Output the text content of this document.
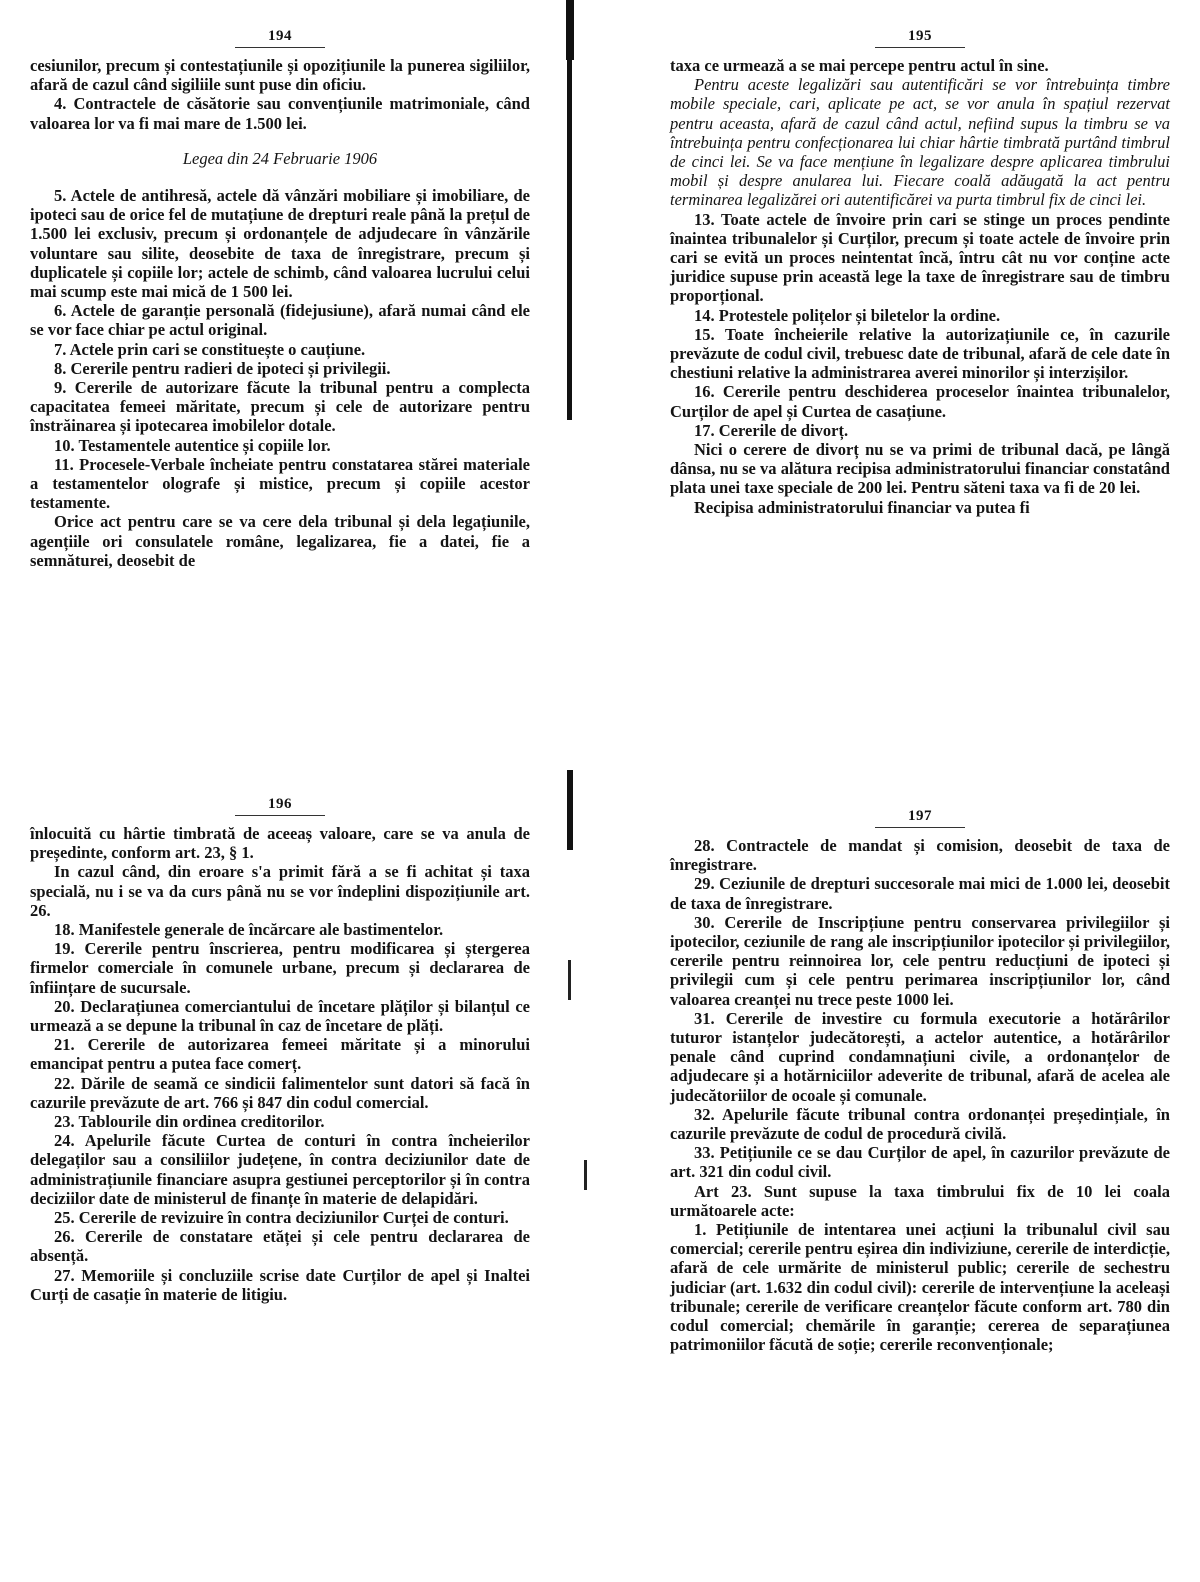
194

cesiunilor, precum și contestațiunile și opozițiunile la punerea sigiliilor, afară de cazul când sigiliile sunt puse din oficiu.

4. Contractele de căsătorie sau convențiunile matrimoniale, când valoarea lor va fi mai mare de 1.500 lei.

Legea din 24 Februarie 1906

5. Actele de antihresă, actele dă vânzări mobiliare și imobiliare, de ipoteci sau de orice fel de mutațiune de drepturi reale până la prețul de 1.500 lei exclusiv, precum și ordonanțele de adjudecare în vânzările voluntare sau silite, deosebite de taxa de înregistrare, precum și duplicatele și copiile lor; actele de schimb, când valoarea lucrului celui mai scump este mai mică de 1 500 lei.

6. Actele de garanție personală (fidejusiune), afară numai când ele se vor face chiar pe actul original.

7. Actele prin cari se constituește o cauțiune.

8. Cererile pentru radieri de ipoteci și privilegii.

9. Cererile de autorizare făcute la tribunal pentru a complecta capacitatea femeei măritate, precum și cele de autorizare pentru înstrăinarea și ipotecarea imobilelor dotale.

10. Testamentele autentice și copiile lor.

11. Procesele-Verbale încheiate pentru constatarea stărei materiale a testamentelor olografe și mistice, precum și copiile acestor testamente.

Orice act pentru care se va cere dela tribunal și dela legațiunile, agențiile ori consulatele române, legalizarea, fie a datei, fie a semnăturei, deosebit de

195

taxa ce urmează a se mai percepe pentru actul în sine.

Pentru aceste legalizări sau autentificări se vor întrebuința timbre mobile speciale, cari, aplicate pe act, se vor anula în spațiul rezervat pentru aceasta, afară de cazul când actul, nefiind supus la timbru se va întrebuința pentru confecționarea lui chiar hârtie timbrată purtând timbrul de cinci lei. Se va face mențiune în legalizare despre aplicarea timbrului mobil și despre anularea lui. Fiecare coală adăugată la act pentru terminarea legalizărei ori autentificărei va purta timbrul fix de cinci lei.

13. Toate actele de învoire prin cari se stinge un proces pendinte înaintea tribunalelor și Curților, precum și toate actele de învoire prin cari se evită un proces neintentat încă, întru cât nu vor conține acte juridice supuse prin această lege la taxe de înregistrare sau de timbru proporțional.

14. Protestele polițelor și biletelor la ordine.

15. Toate încheierile relative la autorizațiunile ce, în cazurile prevăzute de codul civil, trebuesc date de tribunal, afară de cele date în chestiuni relative la administrarea averei minorilor și interzișilor.

16. Cererile pentru deschiderea proceselor înaintea tribunalelor, Curților de apel și Curtea de casațiune.

17. Cererile de divorț.

Nici o cerere de divorț nu se va primi de tribunal dacă, pe lângă dânsa, nu se va alătura recipisa administratorului financiar constatând plata unei taxe speciale de 200 lei. Pentru săteni taxa va fi de 20 lei.

Recipisa administratorului financiar va putea fi

196

înlocuită cu hârtie timbrată de aceeaș valoare, care se va anula de președinte, conform art. 23, § 1.

In cazul când, din eroare s'a primit fără a se fi achitat și taxa specială, nu i se va da curs până nu se vor îndeplini dispozițiunile art. 26.

18. Manifestele generale de încărcare ale bastimentelor.

19. Cererile pentru înscrierea, pentru modificarea și ștergerea firmelor comerciale în comunele urbane, precum și declararea de înființare de sucursale.

20. Declarațiunea comerciantului de încetare plăților și bilanțul ce urmează a se depune la tribunal în caz de încetare de plăți.

21. Cererile de autorizarea femeei măritate și a minorului emancipat pentru a putea face comerț.

22. Dările de seamă ce sindicii falimentelor sunt datori să facă în cazurile prevăzute de art. 766 și 847 din codul comercial.

23. Tablourile din ordinea creditorilor.

24. Apelurile făcute Curtea de conturi în contra încheierilor delegaților sau a consiliilor județene, în contra deciziunilor date de administrațiunile financiare asupra gestiunei perceptorilor și în contra deciziilor date de ministerul de finanțe în materie de delapidări.

25. Cererile de revizuire în contra deciziunilor Curței de conturi.

26. Cererile de constatare etăței și cele pentru declararea de absență.

27. Memoriile și concluziile scrise date Curților de apel și Inaltei Curți de casație în materie de litigiu.

197

28. Contractele de mandat și comision, deosebit de taxa de înregistrare.

29. Ceziunile de drepturi succesorale mai mici de 1.000 lei, deosebit de taxa de înregistrare.

30. Cererile de Inscripțiune pentru conservarea privilegiilor și ipotecilor, ceziunile de rang ale inscripțiunilor ipotecilor și privilegiilor, cererile pentru reinnoirea lor, cele pentru reducțiuni de ipoteci și privilegii cum și cele pentru perimarea inscripțiunilor lor, când valoarea creanței nu trece peste 1000 lei.

31. Cererile de investire cu formula executorie a hotărârilor tuturor istanțelor judecătorești, a actelor autentice, a hotărârilor penale când cuprind condamnațiuni civile, a ordonanțelor de adjudecare și a hotărniciilor adeverite de tribunal, afară de acelea ale judecătoriilor de ocoale și comunale.

32. Apelurile făcute tribunal contra ordonanței președințiale, în cazurile prevăzute de codul de procedură civilă.

33. Petițiunile ce se dau Curților de apel, în cazurilor prevăzute de art. 321 din codul civil.

Art 23. Sunt supuse la taxa timbrului fix de 10 lei coala următoarele acte:

1. Petițiunile de intentarea unei acțiuni la tribunalul civil sau comercial; cererile pentru eșirea din indiviziune, cererile de interdicție, afară de cele urmărite de ministerul public; cererile de sechestru judiciar (art. 1.632 din codul civil): cererile de intervențiune la aceleași tribunale; cererile de verificare creanțelor făcute conform art. 780 din codul comercial; chemările în garanție; cererea de separațiunea patrimoniilor făcută de soție; cererile reconvenționale;
